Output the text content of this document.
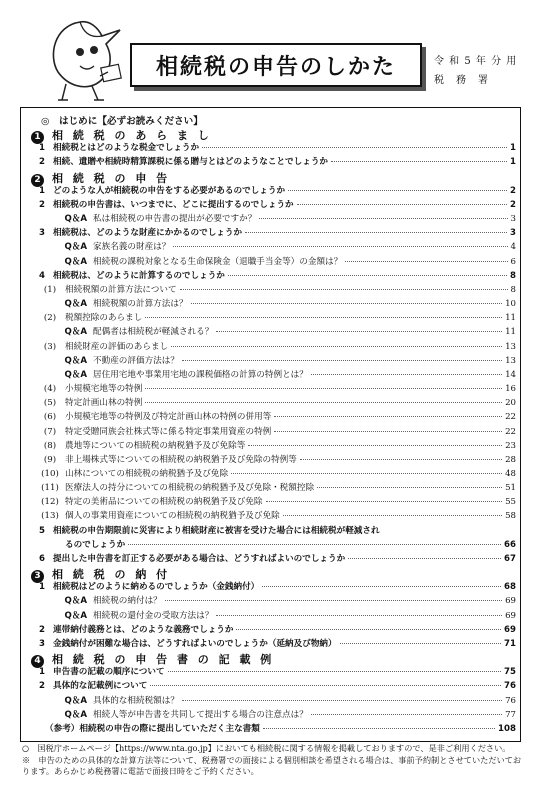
相続税の申告のしかた	令 和 5 年 分 用
税　務　署
◎　はじめに【必ずお読みください】
1	相 続 税 の あ ら ま し
1 相続税とはどのような税金でしょうか	1
2 相続、遺贈や相続時精算課税に係る贈与とはどのようなことでしょうか	1
2	相 続 税 の 申 告
1 どのような人が相続税の申告をする必要があるのでしょうか	2
2 相続税の申告書は、いつまでに、どこに提出するのでしょうか	2
Q＆A 私は相続税の申告書の提出が必要ですか？	3
3 相続税は、どのような財産にかかるのでしょうか	3
Q＆A 家族名義の財産は？	4
Q＆A 相続税の課税対象となる生命保険金（退職手当金等）の金額は？	6
4 相続税は、どのように計算するのでしょうか	8
(1)	相続税額の計算方法について	8
Q＆A 相続税額の計算方法は？	10
(2)	税額控除のあらまし	11
Q＆A 配偶者は相続税が軽減される？	11
(3)	相続財産の評価のあらまし	13
Q＆A 不動産の評価方法は？	13
Q＆A 居住用宅地や事業用宅地の課税価格の計算の特例とは？	14
(4)	小規模宅地等の特例	16
(5)	特定計画山林の特例	20
(6)	小規模宅地等の特例及び特定計画山林の特例の併用等	22
(7)	特定受贈同族会社株式等に係る特定事業用資産の特例	22
(8)	農地等についての相続税の納税猶予及び免除等	23
(9)	非上場株式等についての相続税の納税猶予及び免除の特例等	28
(10) 山林についての相続税の納税猶予及び免除	48
(11) 医療法人の持分についての相続税の納税猶予及び免除・税額控除	51
(12) 特定の美術品についての相続税の納税猶予及び免除	55
(13) 個人の事業用資産についての相続税の納税猶予及び免除	58
5 相続税の申告期限前に災害により相続財産に被害を受けた場合には相続税が軽減され
るのでしょうか	66
6 提出した申告書を訂正する必要がある場合は、どうすればよいのでしょうか	67
3	相 続 税 の 納 付
1 相続税はどのように納めるのでしょうか（金銭納付）	68
Q＆A 相続税の納付は？	69
Q＆A 相続税の還付金の受取方法は？	69
2 連帯納付義務とは、どのような義務でしょうか	69
3 金銭納付が困難な場合は、どうすればよいのでしょうか（延納及び物納）	71
4	相 続 税 の 申 告 書 の 記 載 例
1 申告書の記載の順序について	75
2 具体的な記載例について	76
Q＆A 具体的な相続税額は？	76
Q＆A 相続人等が申告書を共同して提出する場合の注意点は？	77
（参考） 相続税の申告の際に提出していただく主な書類	108
○　国税庁ホームページ【https://www.nta.go.jp】においても相続税に関する情報を掲載しておりますので、是非ご利用ください。
※　申告のための具体的な計算方法等について、税務署での面接による個別相談を希望される場合は、事前予約制とさせていただいております。あらかじめ税務署に電話で面接日時をご予約ください。
